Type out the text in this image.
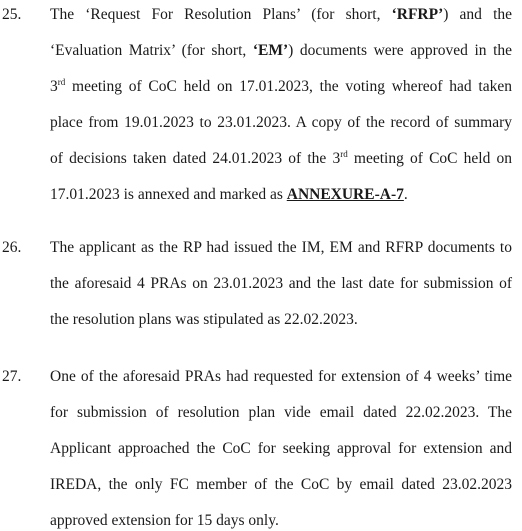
25. The ‘Request For Resolution Plans’ (for short, ‘RFRP’) and the
‘Evaluation Matrix’ (for short, ‘EM’) documents were approved in the
3rd meeting of CoC held on 17.01.2023, the voting whereof had taken
place from 19.01.2023 to 23.01.2023. A copy of the record of summary
of decisions taken dated 24.01.2023 of the 3rd meeting of CoC held on
17.01.2023 is annexed and marked as ANNEXURE-A-7.
26. The applicant as the RP had issued the IM, EM and RFRP documents to
the aforesaid 4 PRAs on 23.01.2023 and the last date for submission of
the resolution plans was stipulated as 22.02.2023.
27. One of the aforesaid PRAs had requested for extension of 4 weeks’ time
for submission of resolution plan vide email dated 22.02.2023. The
Applicant approached the CoC for seeking approval for extension and
IREDA, the only FC member of the CoC by email dated 23.02.2023
approved extension for 15 days only.
